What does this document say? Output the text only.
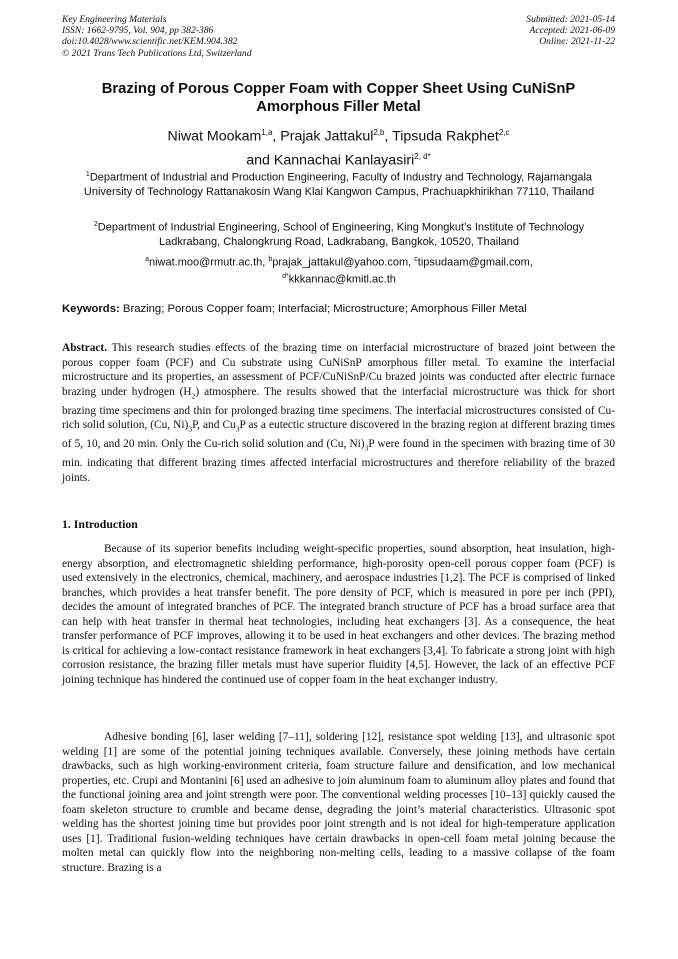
Key Engineering Materials
ISSN: 1662-9795, Vol. 904, pp 382-386
doi:10.4028/www.scientific.net/KEM.904.382
© 2021 Trans Tech Publications Ltd, Switzerland
Submitted: 2021-05-14
Accepted: 2021-06-09
Online: 2021-11-22
Brazing of Porous Copper Foam with Copper Sheet Using CuNiSnP
Amorphous Filler Metal
Niwat Mookam$^{1,a}$, Prajak Jattakul$^{2,b}$, Tipsuda Rakphet$^{2,c}$
and Kannachai Kanlayasiri$^{2, d*}$
$^1$Department of Industrial and Production Engineering, Faculty of Industry and Technology, Rajamangala University of Technology Rattanakosin Wang Klai Kangwon Campus, Prachuapkhirikhan 77110, Thailand
$^2$Department of Industrial Engineering, School of Engineering, King Mongkut’s Institute of Technology Ladkrabang, Chalongkrung Road, Ladkrabang, Bangkok, 10520, Thailand
$^a$niwat.moo@rmutr.ac.th, $^b$prajak_jattakul@yahoo.com, $^c$tipsudaam@gmail.com,
$^{d*}$kkkannac@kmitl.ac.th
Keywords: Brazing; Porous Copper foam; Interfacial; Microstructure; Amorphous Filler Metal
Abstract. This research studies effects of the brazing time on interfacial microstructure of brazed joint between the porous copper foam (PCF) and Cu substrate using CuNiSnP amorphous filler metal. To examine the interfacial microstructure and its properties, an assessment of PCF/CuNiSnP/Cu brazed joints was conducted after electric furnace brazing under hydrogen $(H_2)$ atmosphere. The results showed that the interfacial microstructure was thick for short brazing time specimens and thin for prolonged brazing time specimens. The interfacial microstructures consisted of Cu-rich solid solution, (Cu, $Ni)_3P$, and $Cu_3P$ as a eutectic structure discovered in the brazing region at different brazing times of 5, 10, and 20 min. Only the Cu-rich solid solution and (Cu, $Ni)_3P$ were found in the specimen with brazing time of 30 min. indicating that different brazing times affected interfacial microstructures and therefore reliability of the brazed joints.
1. Introduction
Because of its superior benefits including weight-specific properties, sound absorption, heat insulation, high-energy absorption, and electromagnetic shielding performance, high-porosity open-cell porous copper foam (PCF) is used extensively in the electronics, chemical, machinery, and aerospace industries [1,2]. The PCF is comprised of linked branches, which provides a heat transfer benefit. The pore density of PCF, which is measured in pore per inch (PPI), decides the amount of integrated branches of PCF. The integrated branch structure of PCF has a broad surface area that can help with heat transfer in thermal heat technologies, including heat exchangers [3]. As a consequence, the heat transfer performance of PCF improves, allowing it to be used in heat exchangers and other devices. The brazing method is critical for achieving a low-contact resistance framework in heat exchangers [3,4]. To fabricate a strong joint with high corrosion resistance, the brazing filler metals must have superior fluidity [4,5]. However, the lack of an effective PCF joining technique has hindered the continued use of copper foam in the heat exchanger industry.
Adhesive bonding [6], laser welding [7–11], soldering [12], resistance spot welding [13], and ultrasonic spot welding [1] are some of the potential joining techniques available. Conversely, these joining methods have certain drawbacks, such as high working-environment criteria, foam structure failure and densification, and low mechanical properties, etc. Crupi and Montanini [6] used an adhesive to join aluminum foam to aluminum alloy plates and found that the functional joining area and joint strength were poor. The conventional welding processes [10–13] quickly caused the foam skeleton structure to crumble and became dense, degrading the joint’s material characteristics. Ultrasonic spot welding has the shortest joining time but provides poor joint strength and is not ideal for high-temperature application uses [1]. Traditional fusion-welding techniques have certain drawbacks in open-cell foam metal joining because the molten metal can quickly flow into the neighboring non-melting cells, leading to a massive collapse of the foam structure. Brazing is a
